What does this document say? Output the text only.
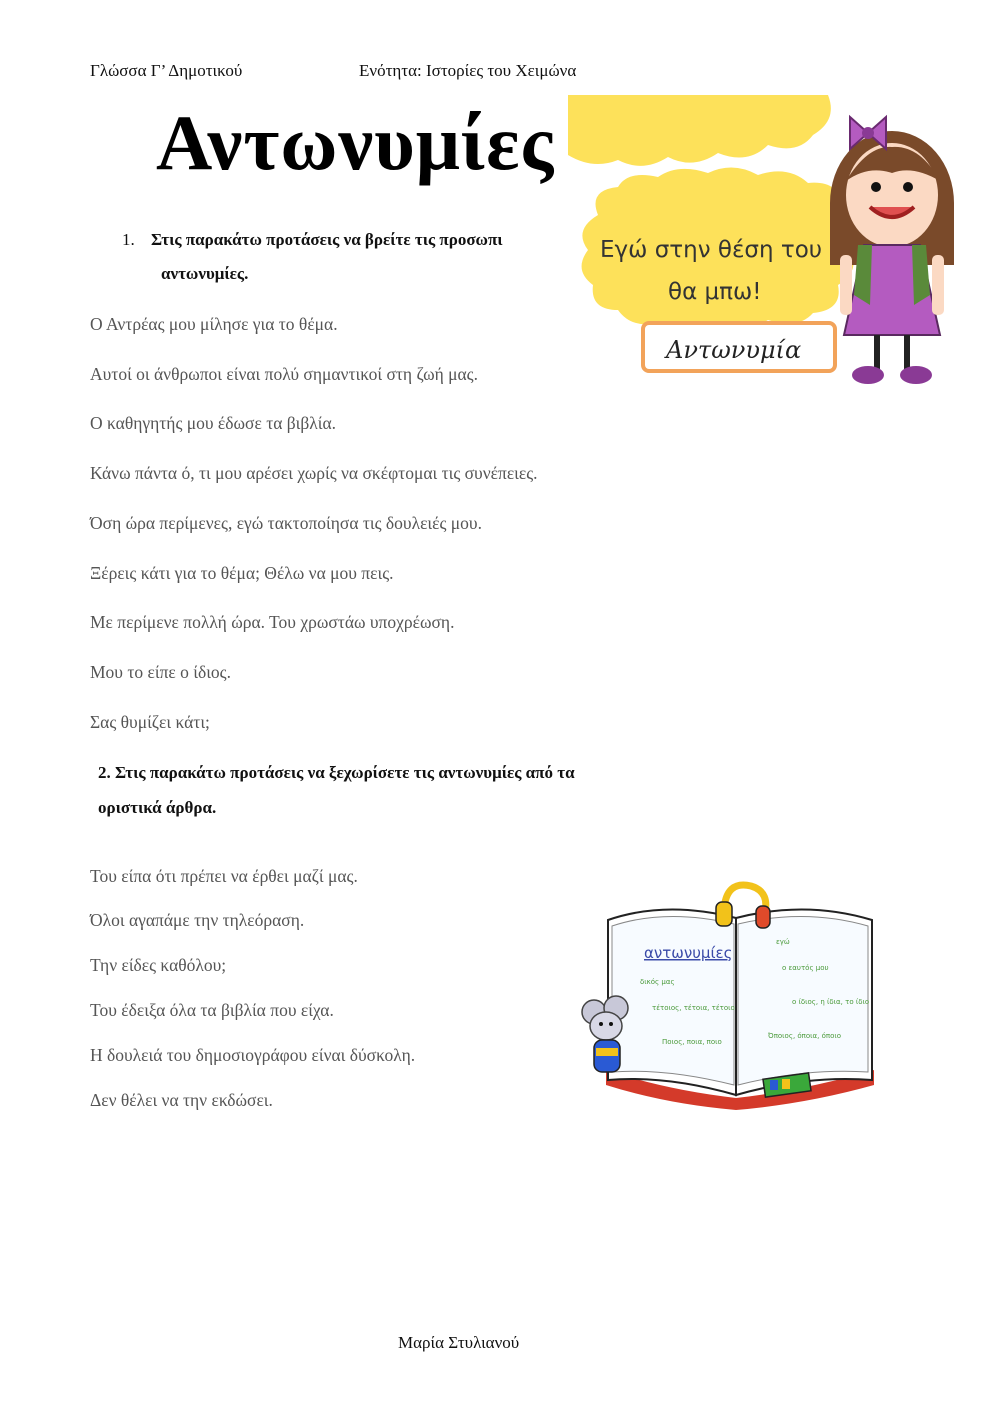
Γλώσσα Γ’ Δημοτικού	Ενότητα: Ιστορίες του Χειμώνα
Αντωνυμίες
Εγώ στην θέση του
θα μπω!
Αντωνυμία
1. Στις παρακάτω προτάσεις να βρείτε τις προσωπι
αντωνυμίες.
Ο Αντρέας μου μίλησε για το θέμα.
Αυτοί οι άνθρωποι είναι πολύ σημαντικοί στη ζωή μας.
Ο καθηγητής μου έδωσε τα βιβλία.
Κάνω πάντα ό, τι μου αρέσει χωρίς να σκέφτομαι τις συνέπειες.
Όση ώρα περίμενες, εγώ τακτοποίησα τις δουλειές μου.
Ξέρεις κάτι για το θέμα; Θέλω να μου πεις.
Με περίμενε πολλή ώρα. Του χρωστάω υποχρέωση.
Μου το είπε ο ίδιος.
Σας θυμίζει κάτι;
2. Στις παρακάτω προτάσεις να ξεχωρίσετε τις αντωνυμίες από τα
οριστικά άρθρα.
Του είπα ότι πρέπει να έρθει μαζί μας.
Όλοι αγαπάμε την τηλεόραση.
Την είδες καθόλου;
Του έδειξα όλα τα βιβλία που είχα.
Η δουλειά του δημοσιογράφου είναι δύσκολη.
Δεν θέλει να την εκδώσει.
αντωνυμίες
δικός μας
τέτοιος, τέτοια, τέτοιο
Ποιος, ποια, ποιο
εγώ
ο εαυτός μου
ο ίδιος, η ίδια, το ίδιο
Όποιος, όποια, όποιο
Μαρία Στυλιανού
